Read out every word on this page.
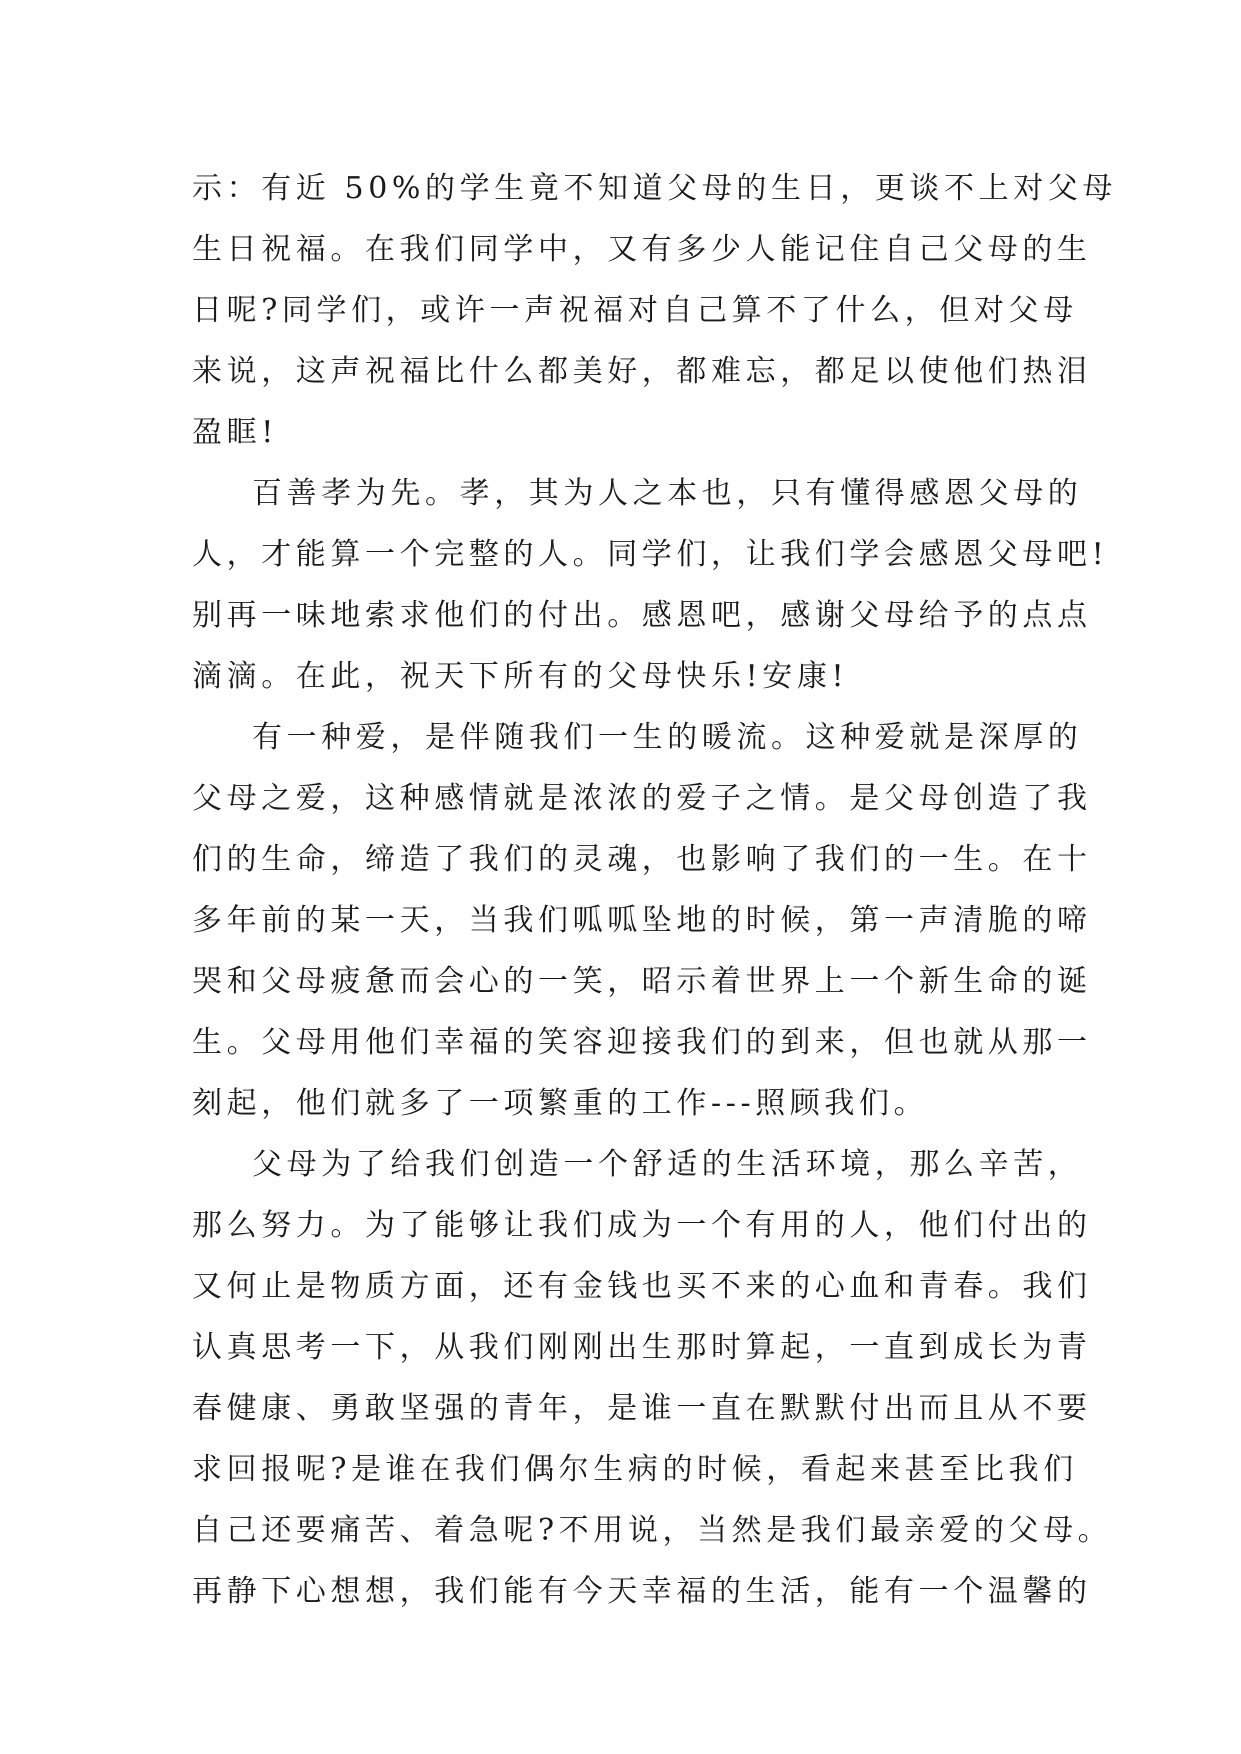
示：有近 50%的学生竟不知道父母的生日，更谈不上对父母
生日祝福。在我们同学中，又有多少人能记住自己父母的生
日呢?同学们，或许一声祝福对自己算不了什么，但对父母
来说，这声祝福比什么都美好，都难忘，都足以使他们热泪
盈眶!
百善孝为先。孝，其为人之本也，只有懂得感恩父母的
人，才能算一个完整的人。同学们，让我们学会感恩父母吧!
别再一味地索求他们的付出。感恩吧，感谢父母给予的点点
滴滴。在此，祝天下所有的父母快乐!安康!
有一种爱，是伴随我们一生的暖流。这种爱就是深厚的
父母之爱，这种感情就是浓浓的爱子之情。是父母创造了我
们的生命，缔造了我们的灵魂，也影响了我们的一生。在十
多年前的某一天，当我们呱呱坠地的时候，第一声清脆的啼
哭和父母疲惫而会心的一笑，昭示着世界上一个新生命的诞
生。父母用他们幸福的笑容迎接我们的到来，但也就从那一
刻起，他们就多了一项繁重的工作---照顾我们。
父母为了给我们创造一个舒适的生活环境，那么辛苦，
那么努力。为了能够让我们成为一个有用的人，他们付出的
又何止是物质方面，还有金钱也买不来的心血和青春。我们
认真思考一下，从我们刚刚出生那时算起，一直到成长为青
春健康、勇敢坚强的青年，是谁一直在默默付出而且从不要
求回报呢?是谁在我们偶尔生病的时候，看起来甚至比我们
自己还要痛苦、着急呢?不用说，当然是我们最亲爱的父母。
再静下心想想，我们能有今天幸福的生活，能有一个温馨的
